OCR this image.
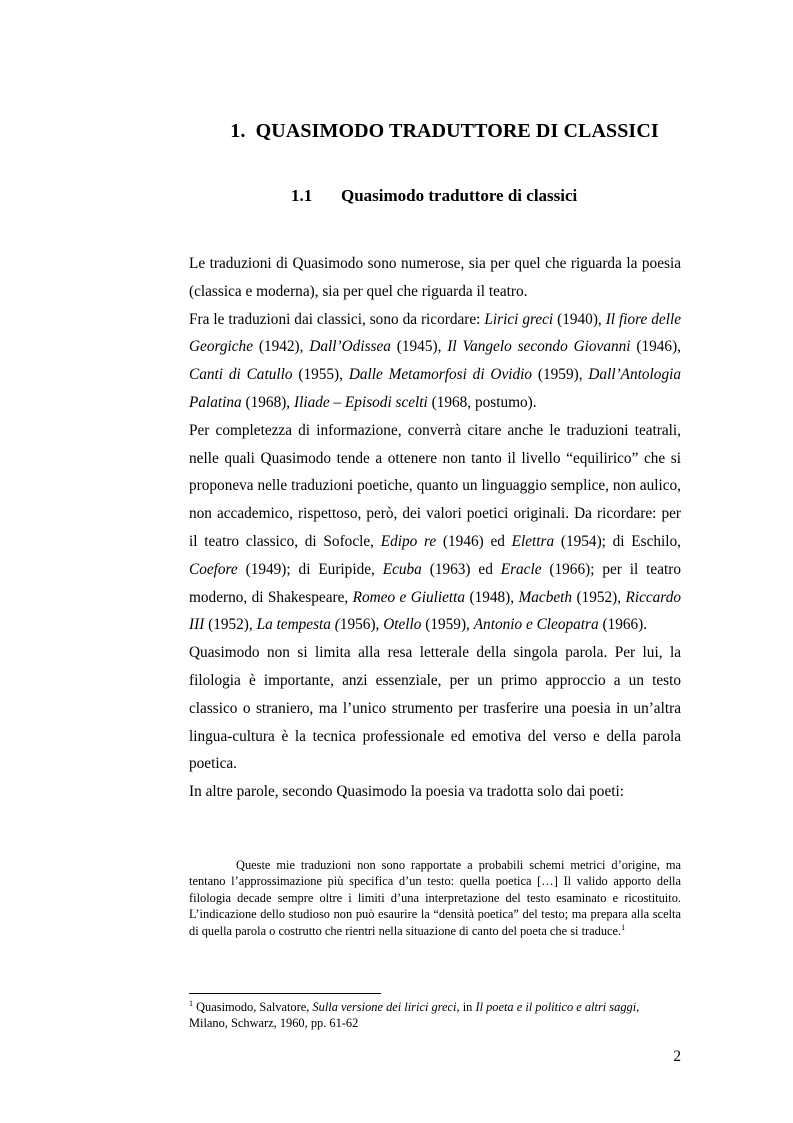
1. QUASIMODO TRADUTTORE DI CLASSICI
1.1 Quasimodo traduttore di classici

Le traduzioni di Quasimodo sono numerose, sia per quel che riguarda la poesia (classica e moderna), sia per quel che riguarda il teatro.

Fra le traduzioni dai classici, sono da ricordare: Lirici greci (1940), Il fiore delle Georgiche (1942), Dall’Odissea (1945), Il Vangelo secondo Giovanni (1946), Canti di Catullo (1955), Dalle Metamorfosi di Ovidio (1959), Dall’Antologia Palatina (1968), Iliade – Episodi scelti (1968, postumo).

Per completezza di informazione, converrà citare anche le traduzioni teatrali, nelle quali Quasimodo tende a ottenere non tanto il livello “equilirico” che si proponeva nelle traduzioni poetiche, quanto un linguaggio semplice, non aulico, non accademico, rispettoso, però, dei valori poetici originali. Da ricordare: per il teatro classico, di Sofocle, Edipo re (1946) ed Elettra (1954); di Eschilo, Coefore (1949); di Euripide, Ecuba (1963) ed Eracle (1966); per il teatro moderno, di Shakespeare, Romeo e Giulietta (1948), Macbeth (1952), Riccardo III (1952), La tempesta (1956), Otello (1959), Antonio e Cleopatra (1966).

Quasimodo non si limita alla resa letterale della singola parola. Per lui, la filologia è importante, anzi essenziale, per un primo approccio a un testo classico o straniero, ma l’unico strumento per trasferire una poesia in un’altra lingua-cultura è la tecnica professionale ed emotiva del verso e della parola poetica.

In altre parole, secondo Quasimodo la poesia va tradotta solo dai poeti:

Queste mie traduzioni non sono rapportate a probabili schemi metrici d’origine, ma tentano l’approssimazione più specifica d’un testo: quella poetica […] Il valido apporto della filologia decade sempre oltre i limiti d’una interpretazione del testo esaminato e ricostituito. L’indicazione dello studioso non può esaurire la “densità poetica” del testo; ma prepara alla scelta di quella parola o costrutto che rientri nella situazione di canto del poeta che si traduce.$^1$

$^1$ Quasimodo, Salvatore, Sulla versione dei lirici greci, in Il poeta e il politico e altri saggi, Milano, Schwarz, 1960, pp. 61-62
2
